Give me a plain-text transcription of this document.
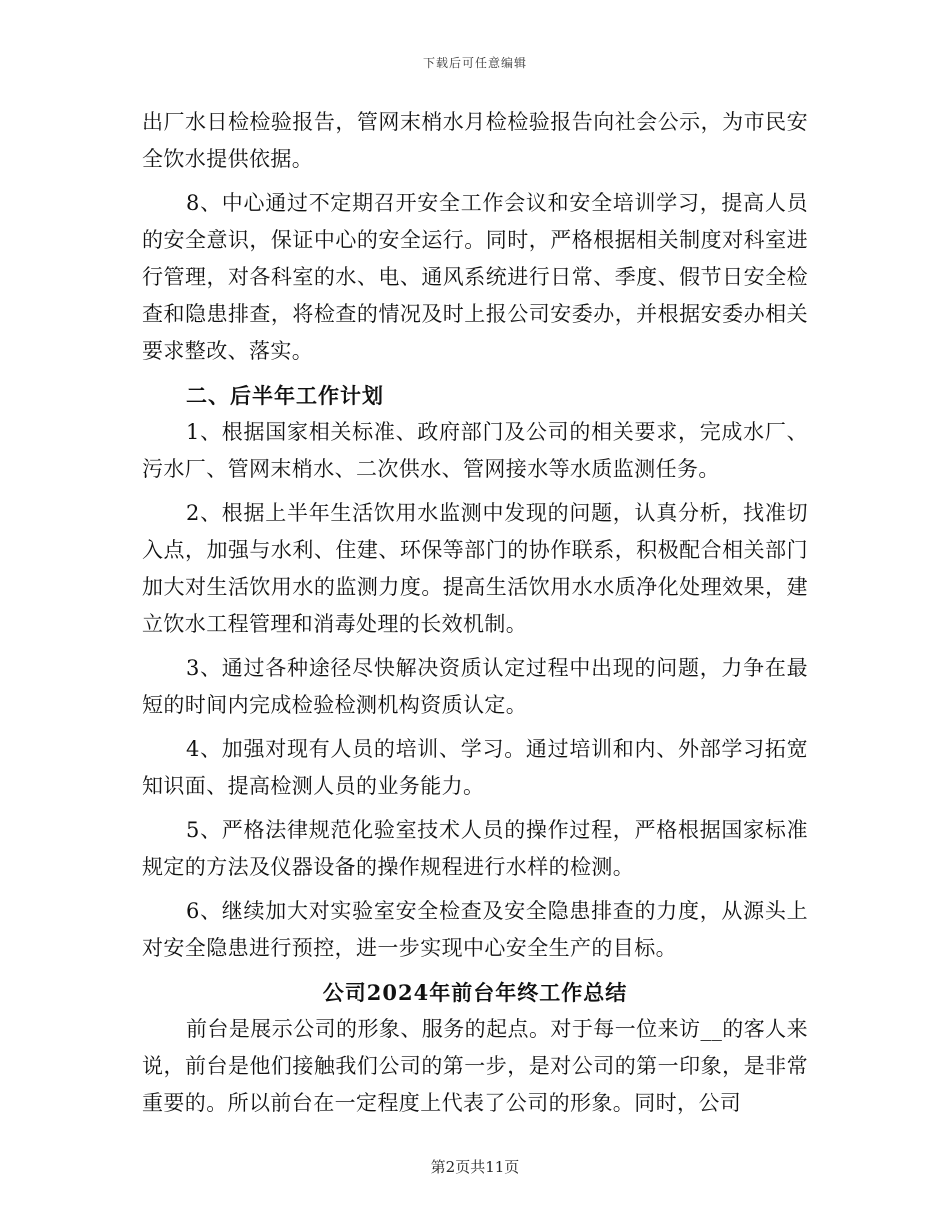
下载后可任意编辑

出厂水日检检验报告，管网末梢水月检检验报告向社会公示，为市民安全饮水提供依据。

8、中心通过不定期召开安全工作会议和安全培训学习，提高人员的安全意识，保证中心的安全运行。同时，严格根据相关制度对科室进行管理，对各科室的水、电、通风系统进行日常、季度、假节日安全检查和隐患排查，将检查的情况及时上报公司安委办，并根据安委办相关要求整改、落实。

二、后半年工作计划

1、根据国家相关标准、政府部门及公司的相关要求，完成水厂、污水厂、管网末梢水、二次供水、管网接水等水质监测任务。

2、根据上半年生活饮用水监测中发现的问题，认真分析，找准切入点，加强与水利、住建、环保等部门的协作联系，积极配合相关部门加大对生活饮用水的监测力度。提高生活饮用水水质净化处理效果，建立饮水工程管理和消毒处理的长效机制。

3、通过各种途径尽快解决资质认定过程中出现的问题，力争在最短的时间内完成检验检测机构资质认定。

4、加强对现有人员的培训、学习。通过培训和内、外部学习拓宽知识面、提高检测人员的业务能力。

5、严格法律规范化验室技术人员的操作过程，严格根据国家标准规定的方法及仪器设备的操作规程进行水样的检测。

6、继续加大对实验室安全检查及安全隐患排查的力度，从源头上对安全隐患进行预控，进一步实现中心安全生产的目标。

公司2024年前台年终工作总结

前台是展示公司的形象、服务的起点。对于每一位来访__的客人来说，前台是他们接触我们公司的第一步，是对公司的第一印象，是非常重要的。所以前台在一定程度上代表了公司的形象。同时，公司

第2页共11页
